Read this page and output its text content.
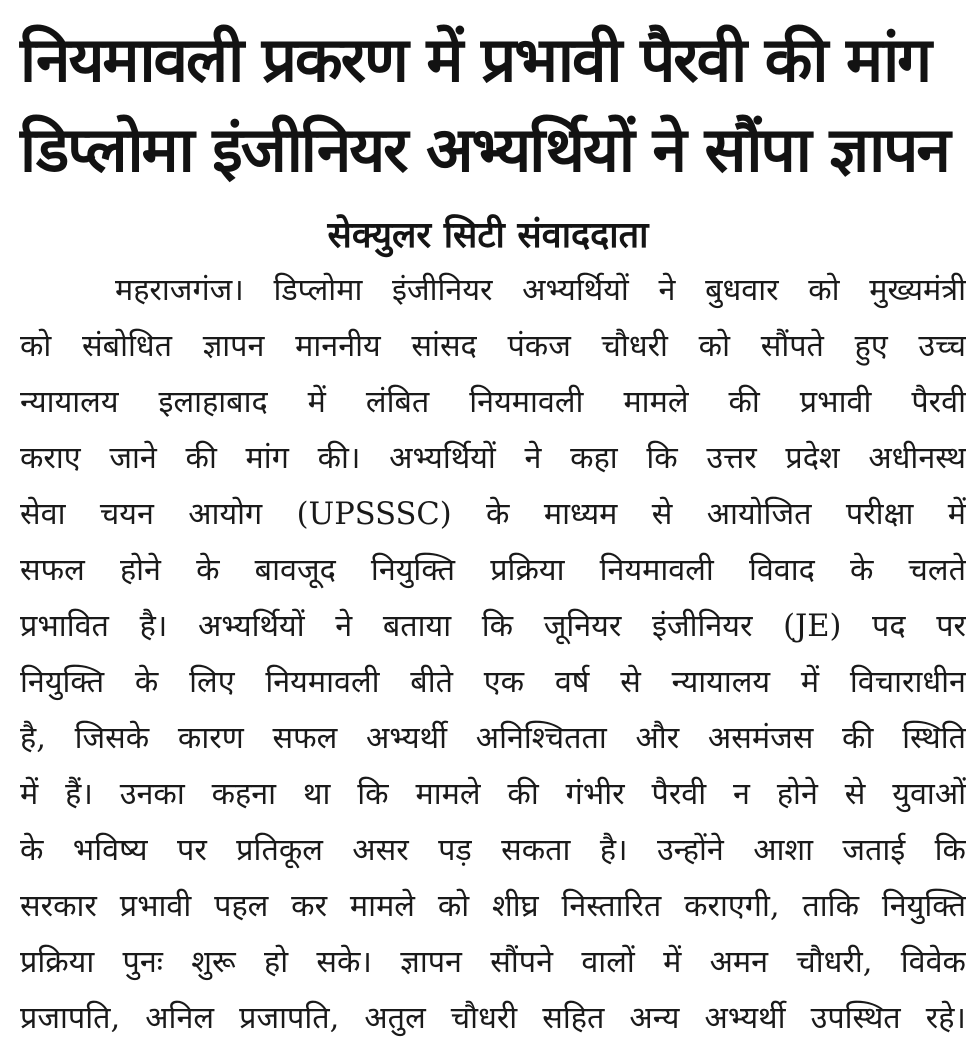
नियमावली प्रकरण में प्रभावी पैरवी की मांग
डिप्लोमा इंजीनियर अभ्यर्थियों ने सौंपा ज्ञापन
सेक्युलर सिटी संवाददाता
महराजगंज। डिप्लोमा इंजीनियर अभ्यर्थियों ने बुधवार को मुख्यमंत्री
को संबोधित ज्ञापन माननीय सांसद पंकज चौधरी को सौंपते हुए उच्च
न्यायालय इलाहाबाद में लंबित नियमावली मामले की प्रभावी पैरवी
कराए जाने की मांग की। अभ्यर्थियों ने कहा कि उत्तर प्रदेश अधीनस्थ
सेवा चयन आयोग (UPSSSC) के माध्यम से आयोजित परीक्षा में
सफल होने के बावजूद नियुक्ति प्रक्रिया नियमावली विवाद के चलते
प्रभावित है। अभ्यर्थियों ने बताया कि जूनियर इंजीनियर (JE) पद पर
नियुक्ति के लिए नियमावली बीते एक वर्ष से न्यायालय में विचाराधीन
है, जिसके कारण सफल अभ्यर्थी अनिश्चितता और असमंजस की स्थिति
में हैं। उनका कहना था कि मामले की गंभीर पैरवी न होने से युवाओं
के भविष्य पर प्रतिकूल असर पड़ सकता है। उन्होंने आशा जताई कि
सरकार प्रभावी पहल कर मामले को शीघ्र निस्तारित कराएगी, ताकि नियुक्ति
प्रक्रिया पुनः शुरू हो सके। ज्ञापन सौंपने वालों में अमन चौधरी, विवेक
प्रजापति, अनिल प्रजापति, अतुल चौधरी सहित अन्य अभ्यर्थी उपस्थित रहे।
